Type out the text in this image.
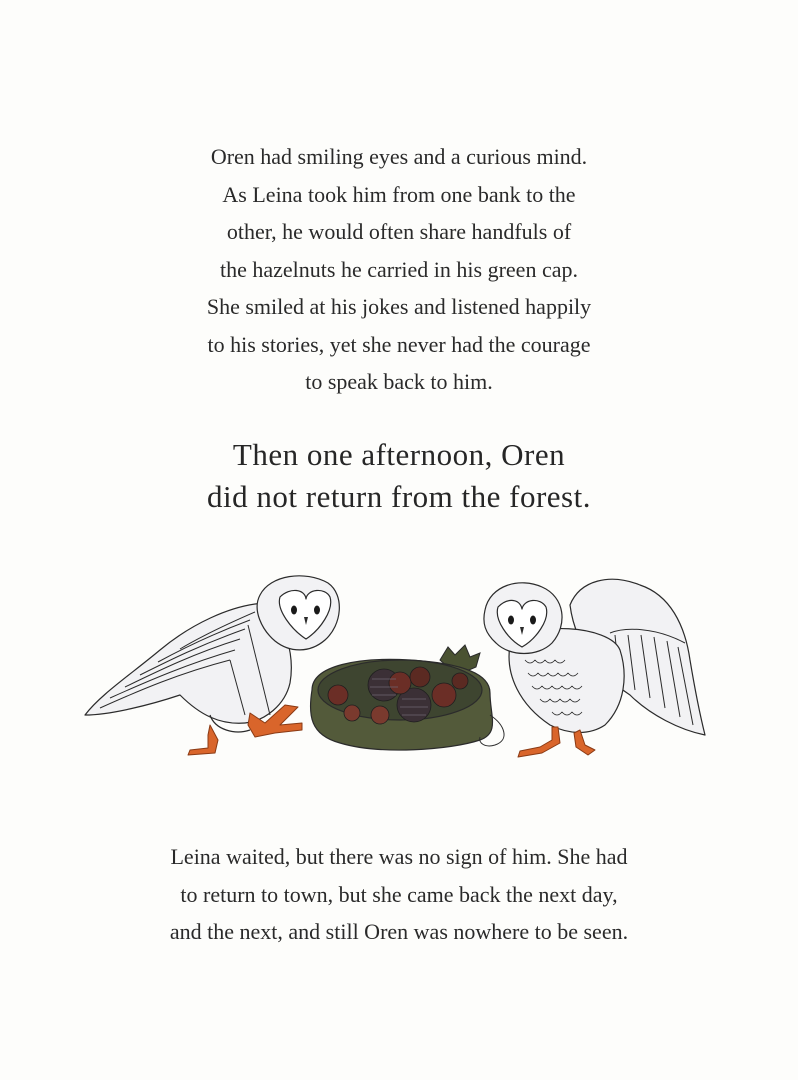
Oren had smiling eyes and a curious mind.
As Leina took him from one bank to the
other, he would often share handfuls of
the hazelnuts he carried in his green cap.
She smiled at his jokes and listened happily
to his stories, yet she never had the courage
to speak back to him.

Then one afternoon, Oren
did not return from the forest.

Leina waited, but there was no sign of him. She had
to return to town, but she came back the next day,
and the next, and still Oren was nowhere to be seen.
